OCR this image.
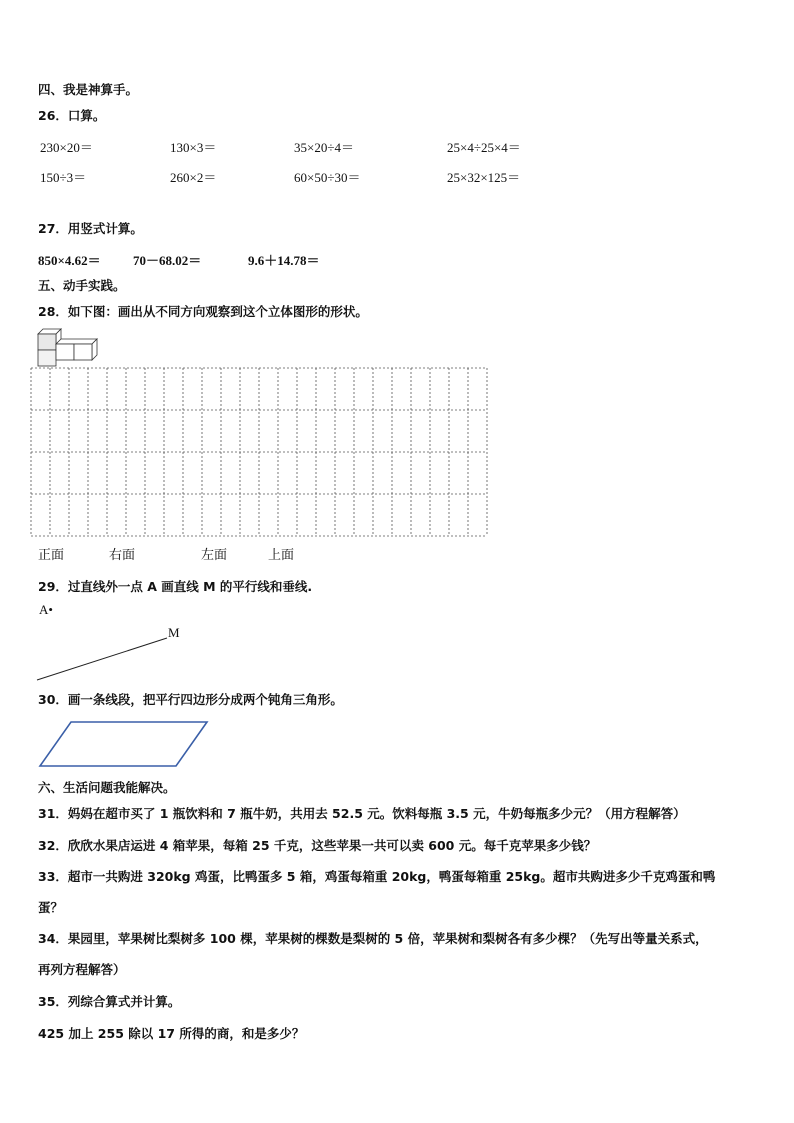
四、我是神算手。
26．口算。
230×20＝	130×3＝	35×20÷4＝	25×4÷25×4＝
150÷3＝	260×2＝	60×50÷30＝	25×32×125＝
27．用竖式计算。
850×4.62＝ 70－68.02＝	9.6＋14.78＝
五、动手实践。
28．如下图：画出从不同方向观察到这个立体图形的形状。
正面	右面	左面	上面
29．过直线外一点 A 画直线 M 的平行线和垂线.
A•
M
30．画一条线段，把平行四边形分成两个钝角三角形。
六、生活问题我能解决。
31．妈妈在超市买了 1 瓶饮料和 7 瓶牛奶，共用去 52.5 元。饮料每瓶 3.5 元，牛奶每瓶多少元？（用方程解答）
32．欣欣水果店运进 4 箱苹果，每箱 25 千克，这些苹果一共可以卖 600 元。每千克苹果多少钱？
33．超市一共购进 320kg 鸡蛋，比鸭蛋多 5 箱，鸡蛋每箱重 20kg，鸭蛋每箱重 25kg。超市共购进多少千克鸡蛋和鸭
蛋？
34．果园里，苹果树比梨树多 100 棵，苹果树的棵数是梨树的 5 倍，苹果树和梨树各有多少棵？（先写出等量关系式，
再列方程解答）
35．列综合算式并计算。
425 加上 255 除以 17 所得的商，和是多少？
